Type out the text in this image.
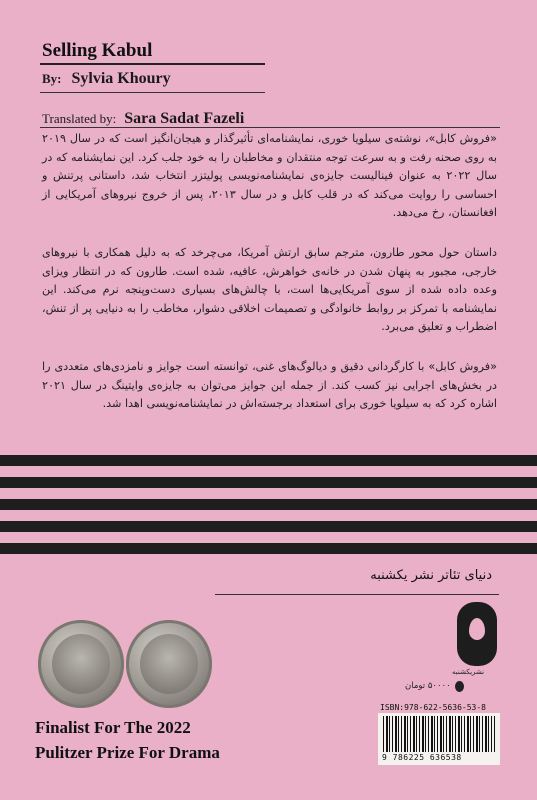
Selling Kabul
By: Sylvia Khoury
Translated by: Sara Sadat Fazeli
«فروش کابل»، نوشته‌ی سیلویا خوری، نمایشنامه‌ای تأثیرگذار و هیجان‌انگیز است که در سال ۲۰۱۹ به روی صحنه رفت و به سرعت توجه منتقدان و مخاطبان را به خود جلب کرد. این نمایشنامه که در سال ۲۰۲۲ به عنوان فینالیست جایزه‌ی نمایشنامه‌نویسی پولیتزر انتخاب شد، داستانی پرتنش و احساسی را روایت می‌کند که در قلب کابل و در سال ۲۰۱۳، پس از خروج نیروهای آمریکایی از افغانستان، رخ می‌دهد.
داستان حول محور طارون، مترجم سابق ارتش آمریکا، می‌چرخد که به دلیل همکاری با نیروهای خارجی، مجبور به پنهان شدن در خانه‌ی خواهرش، عافیه، شده است. طارون که در انتظار ویزای وعده داده شده از سوی آمریکایی‌ها است، با چالش‌های بسیاری دست‌وپنجه نرم می‌کند. این نمایشنامه با تمرکز بر روابط خانوادگی و تصمیمات اخلاقی دشوار، مخاطب را به دنیایی پر از تنش، اضطراب و تعلیق می‌برد.
«فروش کابل» با کارگردانی دقیق و دیالوگ‌های غنی، توانسته است جوایز و نامزدی‌های متعددی را در بخش‌های اجرایی نیز کسب کند. از جمله این جوایز می‌توان به جایزه‌ی وایتینگ در سال ۲۰۲۱ اشاره کرد که به سیلویا خوری برای استعداد برجسته‌اش در نمایشنامه‌نویسی اهدا شد.
دنیای تئاتر نشر یکشنبه
نشریکشنبه
۵۰۰۰۰ تومان
ISBN:978-622-5636-53-8
9 786225 636538
Finalist For The 2022
Pulitzer Prize For Drama
